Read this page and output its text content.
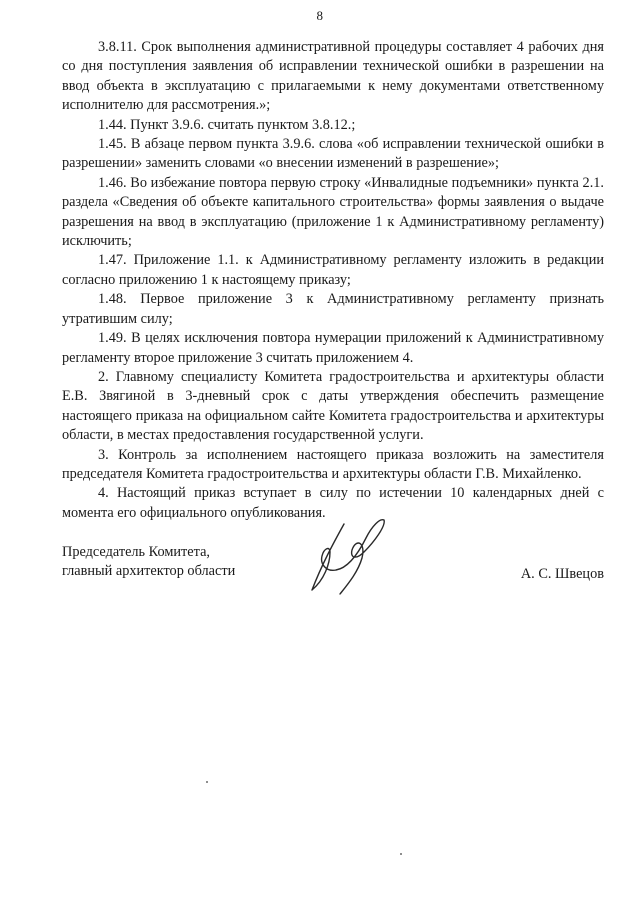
8

3.8.11. Срок выполнения административной процедуры составляет 4 рабочих дня со дня поступления заявления об исправлении технической ошибки в разрешении на ввод объекта в эксплуатацию с прилагаемыми к нему документами ответственному исполнителю для рассмотрения.»;

1.44. Пункт 3.9.6. считать пунктом 3.8.12.;

1.45. В абзаце первом пункта 3.9.6. слова «об исправлении технической ошибки в разрешении» заменить словами «о внесении изменений в разрешение»;

1.46. Во избежание повтора первую строку «Инвалидные подъемники» пункта 2.1. раздела «Сведения об объекте капитального строительства» формы заявления о выдаче разрешения на ввод в эксплуатацию (приложение 1 к Административному регламенту) исключить;

1.47. Приложение 1.1. к Административному регламенту изложить в редакции согласно приложению 1 к настоящему приказу;

1.48. Первое приложение 3 к Административному регламенту признать утратившим силу;

1.49. В целях исключения повтора нумерации приложений к Административному регламенту второе приложение 3 считать приложением 4.

2. Главному специалисту Комитета градостроительства и архитектуры области Е.В. Звягиной в 3-дневный срок с даты утверждения обеспечить размещение настоящего приказа на официальном сайте Комитета градостроительства и архитектуры области, в местах предоставления государственной услуги.

3. Контроль за исполнением настоящего приказа возложить на заместителя председателя Комитета градостроительства и архитектуры области Г.В. Михайленко.

4. Настоящий приказ вступает в силу по истечении 10 календарных дней с момента его официального опубликования.

Председатель Комитета,
главный архитектор области	А. С. Швецов
